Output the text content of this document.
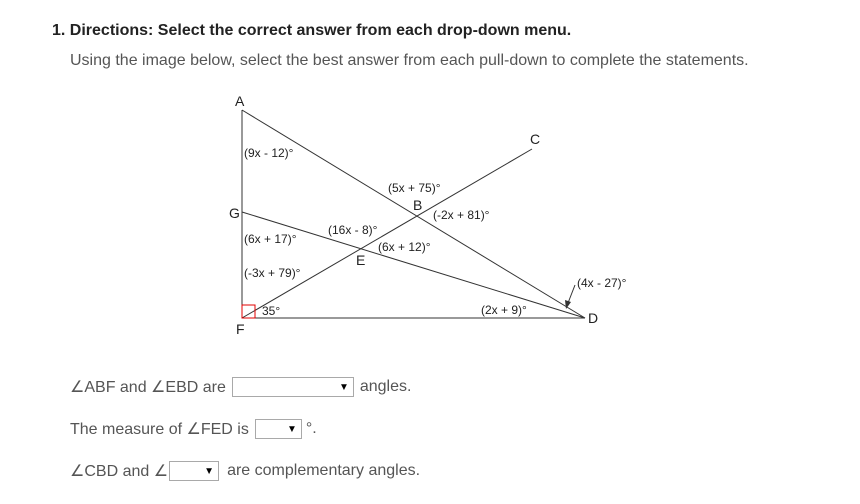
1. Directions: Select the correct answer from each drop-down menu.
Using the image below, select the best answer from each pull-down to complete the statements.
A
C
G	B
E
D
F
(9x - 12)°
(5x + 75)°
(-2x + 81)°
(6x + 17)°
(16x - 8)°
(6x + 12)°
(-3x + 79)°
35°	(2x + 9)°
(4x - 27)°
∠ABF and ∠EBD are	▼ angles.
The measure of ∠FED is	▼ °.
∠CBD and ∠	▼ are complementary angles.
